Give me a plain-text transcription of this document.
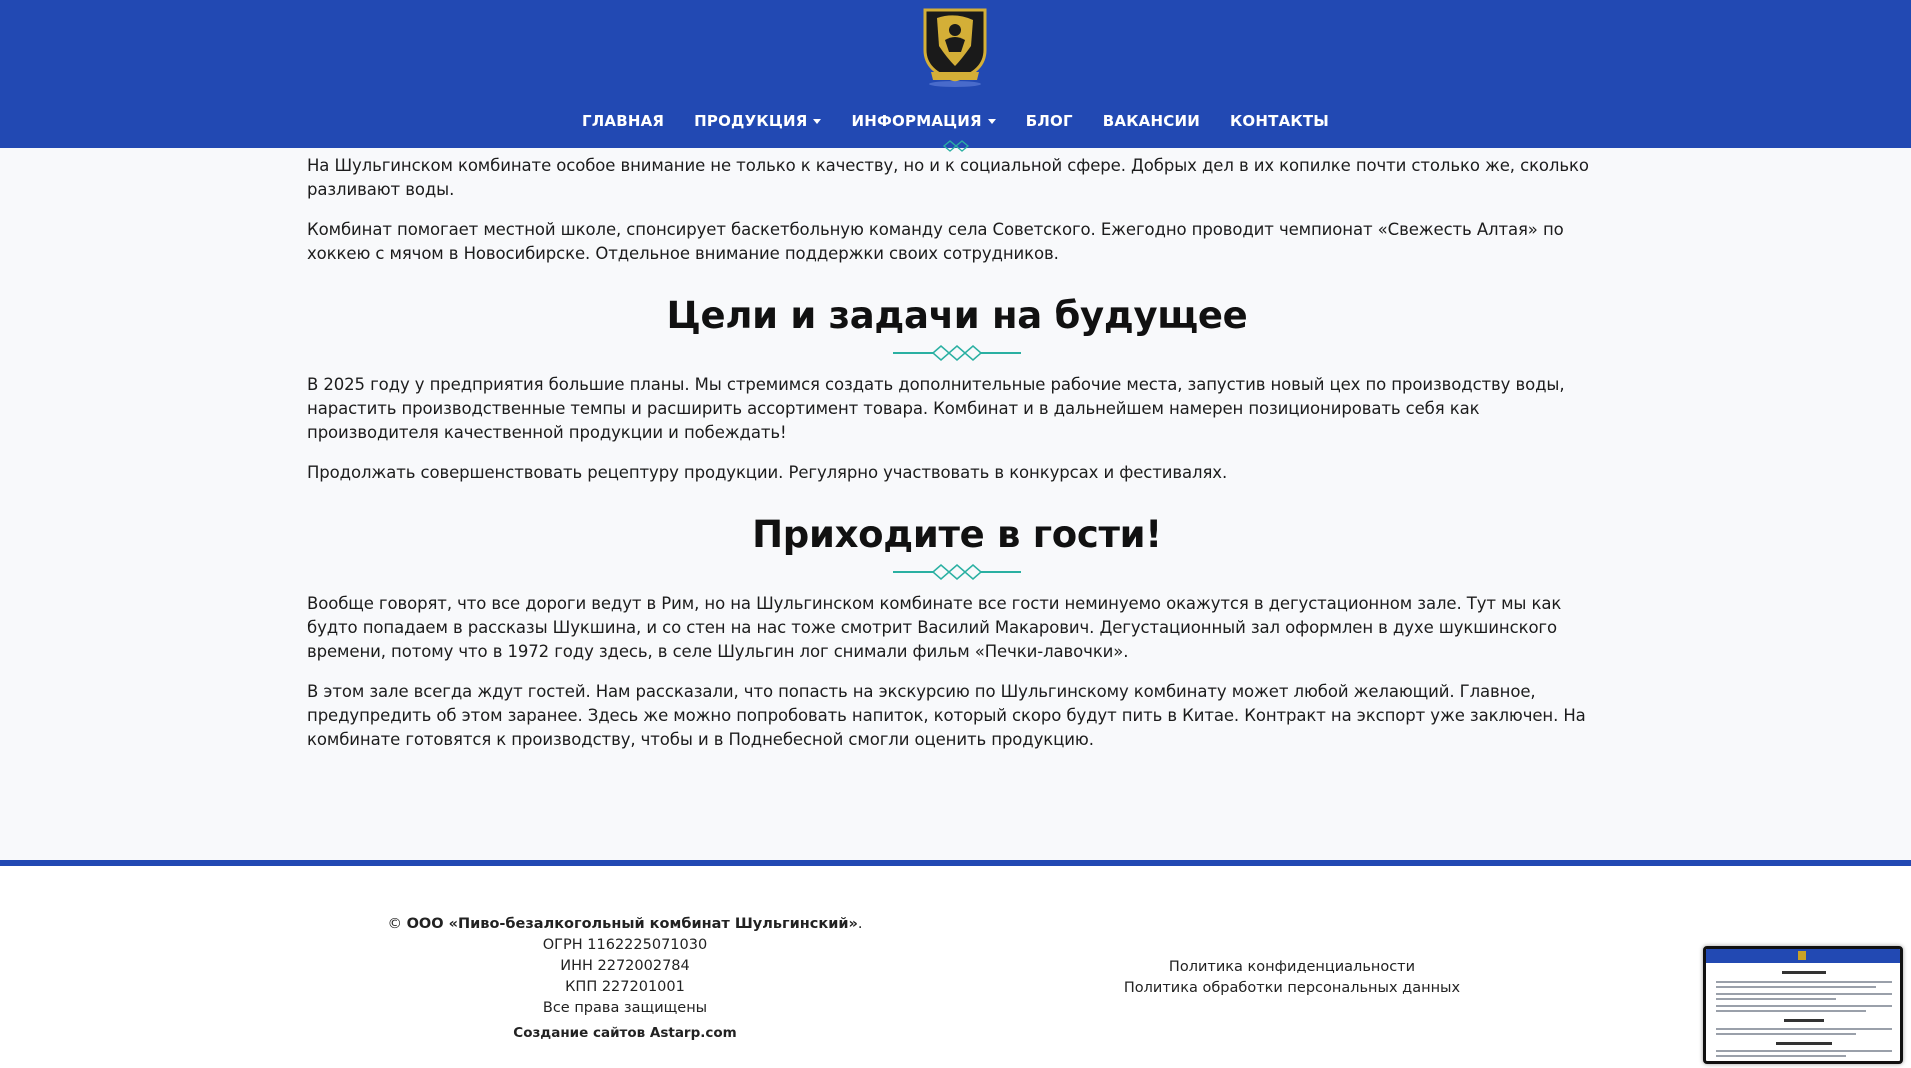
ГЛАВНАЯ ПРОДУКЦИЯ	ИНФОРМАЦИЯ	БЛОГ ВАКАНСИИ КОНТАКТЫ

На Шульгинском комбинате особое внимание не только к качеству, но и к социальной сфере. Добрых дел в их копилке почти столько же, сколько разливают воды.

Комбинат помогает местной школе, спонсирует баскетбольную команду села Советского. Ежегодно проводит чемпионат «Свежесть Алтая» по хоккею с мячом в Новосибирске. Отдельное внимание поддержки своих сотрудников.

Цели и задачи на будущее

В 2025 году у предприятия большие планы. Мы стремимся создать дополнительные рабочие места, запустив новый цех по производству воды, нарастить производственные темпы и расширить ассортимент товара. Комбинат и в дальнейшем намерен позиционировать себя как производителя качественной продукции и побеждать!

Продолжать совершенствовать рецептуру продукции. Регулярно участвовать в конкурсах и фестивалях.

Приходите в гости!

Вообще говорят, что все дороги ведут в Рим, но на Шульгинском комбинате все гости неминуемо окажутся в дегустационном зале. Тут мы как будто попадаем в рассказы Шукшина, и со стен на нас тоже смотрит Василий Макарович. Дегустационный зал оформлен в духе шукшинского времени, потому что в 1972 году здесь, в селе Шульгин лог снимали фильм «Печки-лавочки».

В этом зале всегда ждут гостей. Нам рассказали, что попасть на экскурсию по Шульгинскому комбинату может любой желающий. Главное, предупредить об этом заранее. Здесь же можно попробовать напиток, который скоро будут пить в Китае. Контракт на экспорт уже заключен. На комбинате готовятся к производству, чтобы и в Поднебесной смогли оценить продукцию.

© ООО «Пиво-безалкогольный комбинат Шульгинский».
ОГРН 1162225071030
ИНН 2272002784
КПП 227201001
Все права защищены
Создание сайтов Astarp.com
Политика конфиденциальности
Политика обработки персональных данных
